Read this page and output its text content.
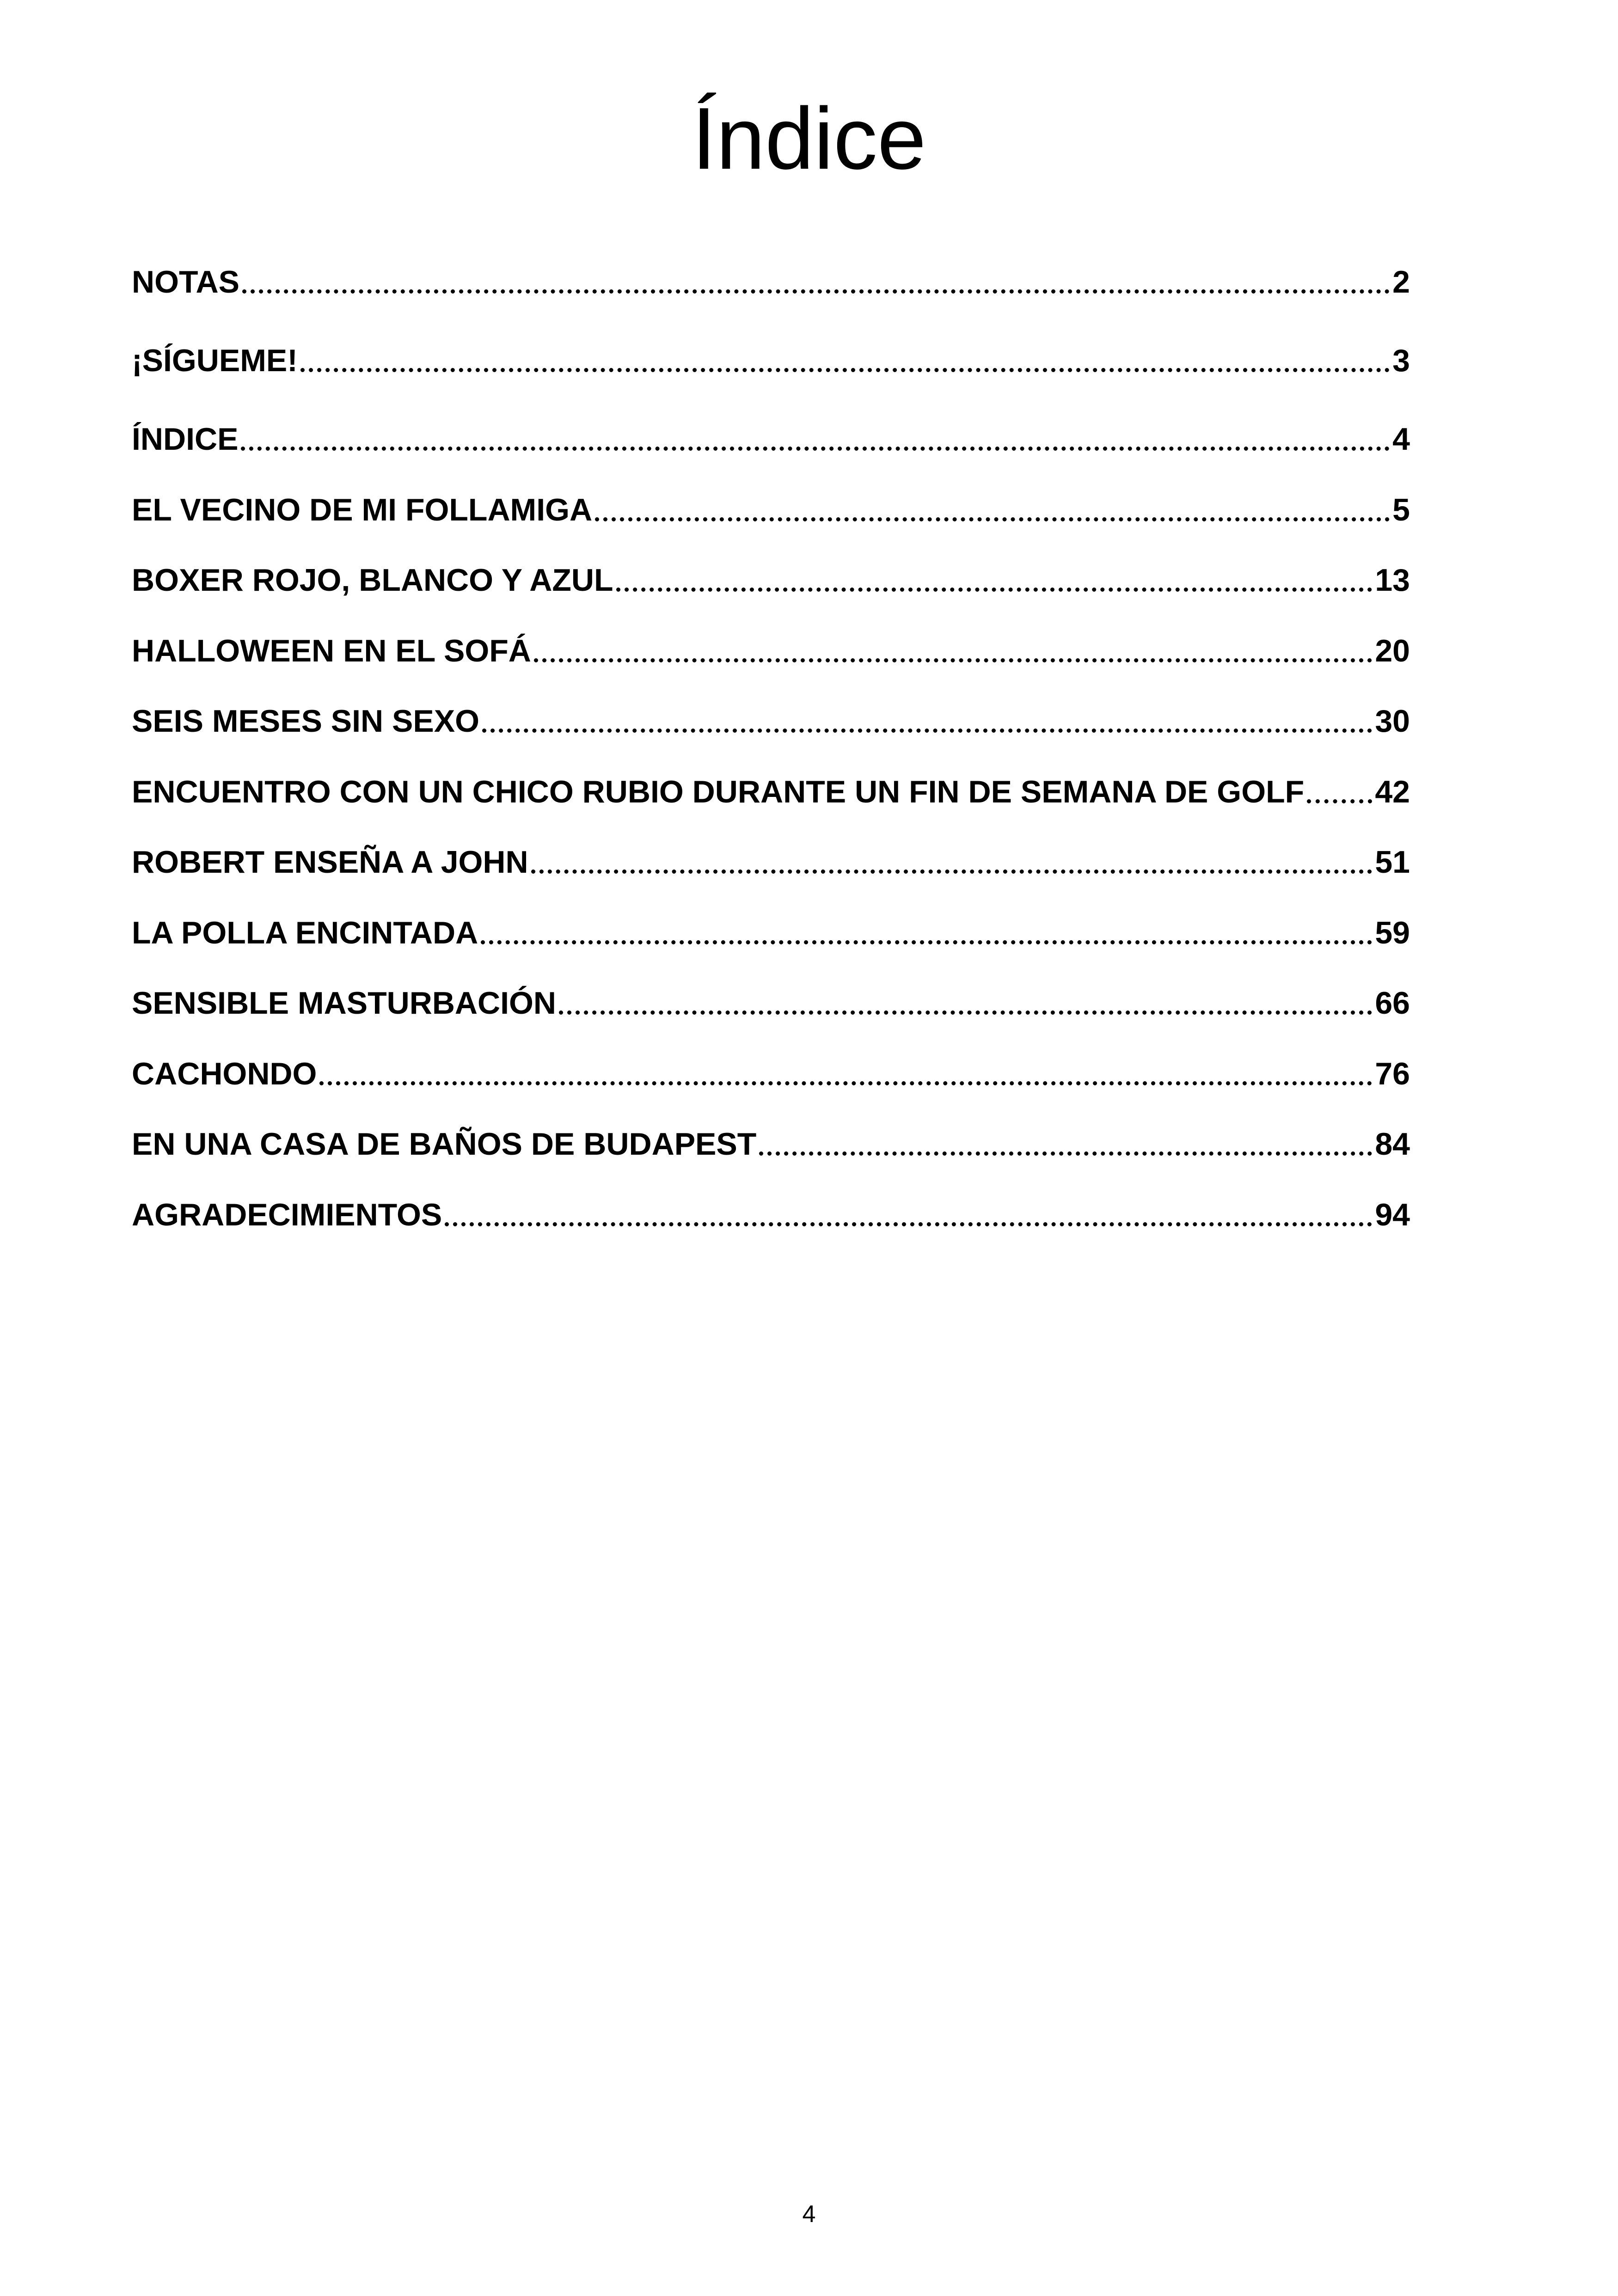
Índice
NOTAS	2
¡SÍGUEME!	3
ÍNDICE	4
EL VECINO DE MI FOLLAMIGA	5
BOXER ROJO, BLANCO Y AZUL	13
HALLOWEEN EN EL SOFÁ	20
SEIS MESES SIN SEXO	30
ENCUENTRO CON UN CHICO RUBIO DURANTE UN FIN DE SEMANA DE GOLF 42
ROBERT ENSEÑA A JOHN	51
LA POLLA ENCINTADA	59
SENSIBLE MASTURBACIÓN	66
CACHONDO	76
EN UNA CASA DE BAÑOS DE BUDAPEST	84
AGRADECIMIENTOS	94
4
